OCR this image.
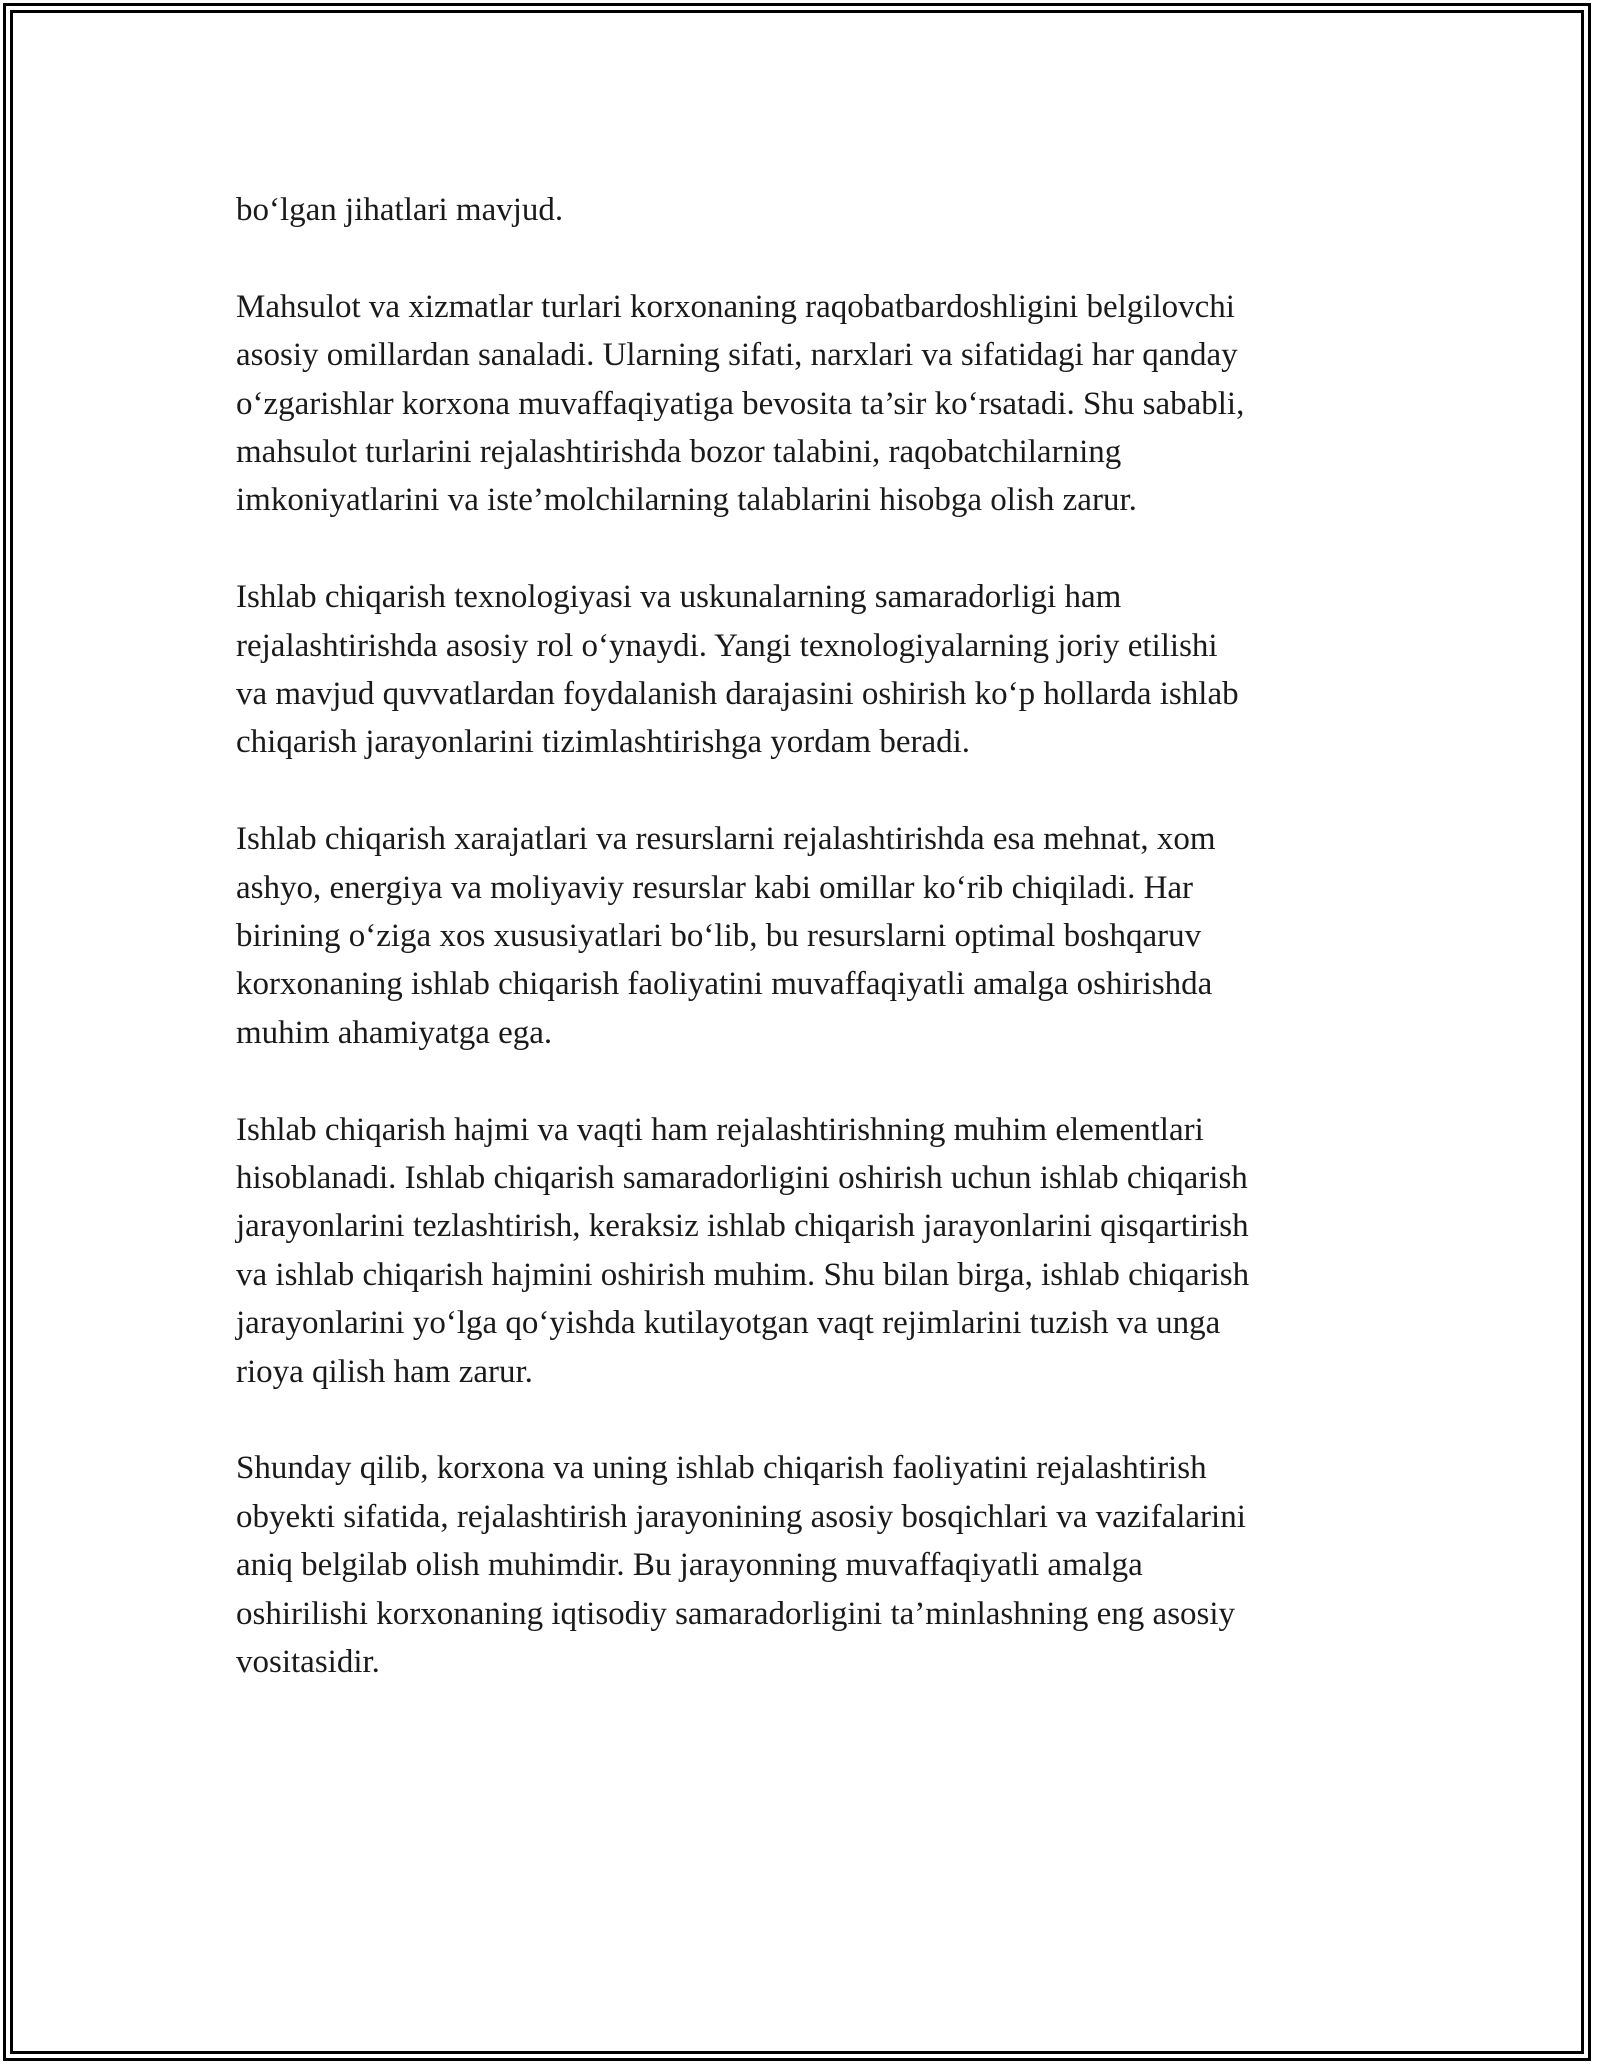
bo‘lgan jihatlari mavjud.

Mahsulot va xizmatlar turlari korxonaning raqobatbardoshligini belgilovchi
asosiy omillardan sanaladi. Ularning sifati, narxlari va sifatidagi har qanday
o‘zgarishlar korxona muvaffaqiyatiga bevosita ta’sir ko‘rsatadi. Shu sababli,
mahsulot turlarini rejalashtirishda bozor talabini, raqobatchilarning
imkoniyatlarini va iste’molchilarning talablarini hisobga olish zarur.

Ishlab chiqarish texnologiyasi va uskunalarning samaradorligi ham
rejalashtirishda asosiy rol o‘ynaydi. Yangi texnologiyalarning joriy etilishi
va mavjud quvvatlardan foydalanish darajasini oshirish ko‘p hollarda ishlab
chiqarish jarayonlarini tizimlashtirishga yordam beradi.

Ishlab chiqarish xarajatlari va resurslarni rejalashtirishda esa mehnat, xom
ashyo, energiya va moliyaviy resurslar kabi omillar ko‘rib chiqiladi. Har
birining o‘ziga xos xususiyatlari bo‘lib, bu resurslarni optimal boshqaruv
korxonaning ishlab chiqarish faoliyatini muvaffaqiyatli amalga oshirishda
muhim ahamiyatga ega.

Ishlab chiqarish hajmi va vaqti ham rejalashtirishning muhim elementlari
hisoblanadi. Ishlab chiqarish samaradorligini oshirish uchun ishlab chiqarish
jarayonlarini tezlashtirish, keraksiz ishlab chiqarish jarayonlarini qisqartirish
va ishlab chiqarish hajmini oshirish muhim. Shu bilan birga, ishlab chiqarish
jarayonlarini yo‘lga qo‘yishda kutilayotgan vaqt rejimlarini tuzish va unga
rioya qilish ham zarur.

Shunday qilib, korxona va uning ishlab chiqarish faoliyatini rejalashtirish
obyekti sifatida, rejalashtirish jarayonining asosiy bosqichlari va vazifalarini
aniq belgilab olish muhimdir. Bu jarayonning muvaffaqiyatli amalga
oshirilishi korxonaning iqtisodiy samaradorligini ta’minlashning eng asosiy
vositasidir.
